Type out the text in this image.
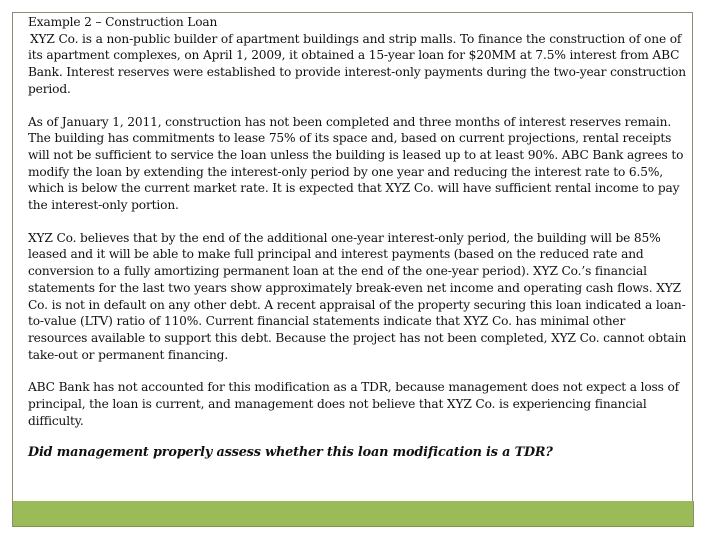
Example 2 – Construction Loan

XYZ Co. is a non-public builder of apartment buildings and strip malls. To finance the construction of one of its apartment complexes, on April 1, 2009, it obtained a 15-year loan for $20MM at 7.5% interest from ABC Bank. Interest reserves were established to provide interest-only payments during the two-year construction period.

As of January 1, 2011, construction has not been completed and three months of interest reserves remain. The building has commitments to lease 75% of its space and, based on current projections, rental receipts will not be sufficient to service the loan unless the building is leased up to at least 90%. ABC Bank agrees to modify the loan by extending the interest-only period by one year and reducing the interest rate to 6.5%, which is below the current market rate. It is expected that XYZ Co. will have sufficient rental income to pay the interest-only portion.

XYZ Co. believes that by the end of the additional one-year interest-only period, the building will be 85% leased and it will be able to make full principal and interest payments (based on the reduced rate and conversion to a fully amortizing permanent loan at the end of the one-year period). XYZ Co.’s financial statements for the last two years show approximately break-even net income and operating cash flows. XYZ Co. is not in default on any other debt. A recent appraisal of the property securing this loan indicated a loan-to-value (LTV) ratio of 110%. Current financial statements indicate that XYZ Co. has minimal other resources available to support this debt. Because the project has not been completed, XYZ Co. cannot obtain take-out or permanent financing.

ABC Bank has not accounted for this modification as a TDR, because management does not expect a loss of principal, the loan is current, and management does not believe that XYZ Co. is experiencing financial difficulty.

Did management properly assess whether this loan modification is a TDR?
